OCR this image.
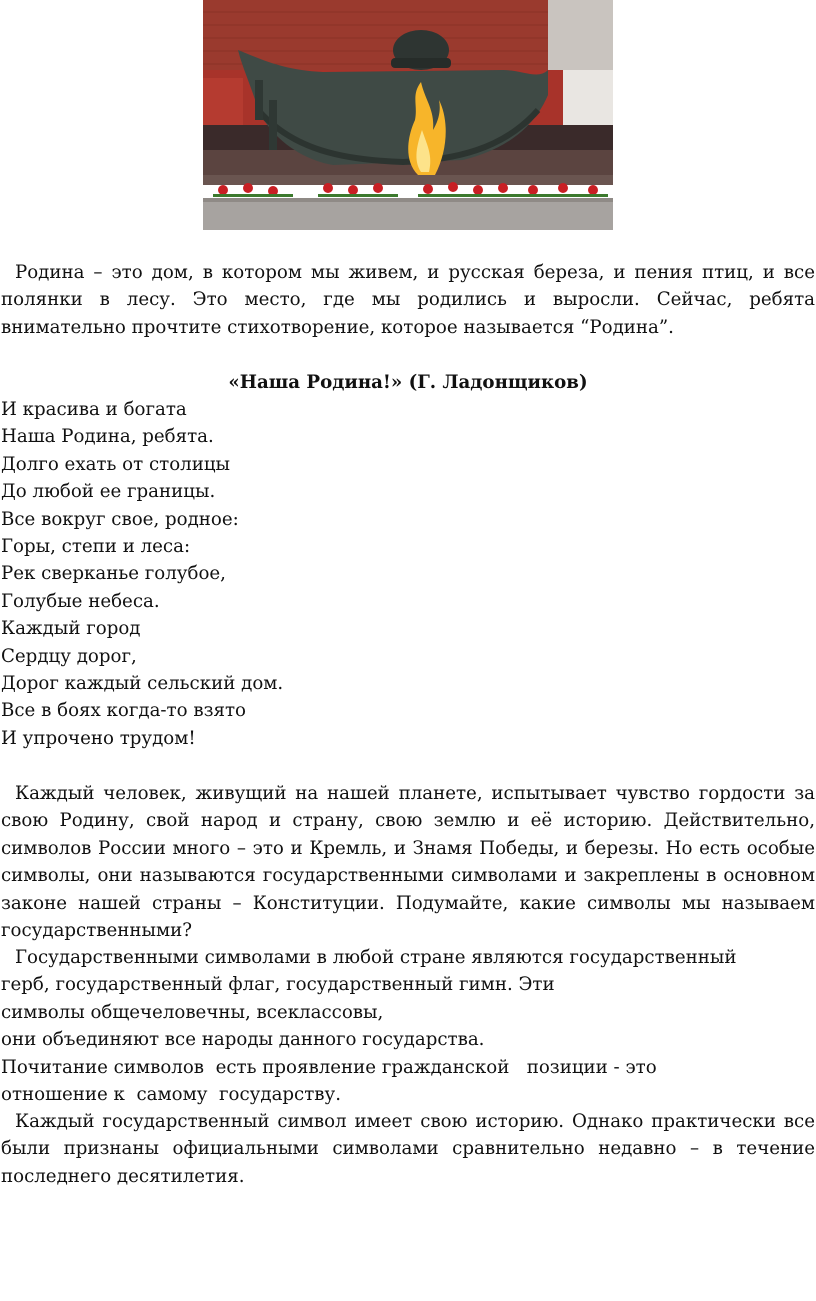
Родина – это дом, в котором мы живем, и русская береза, и пения птиц, и все полянки в лесу. Это место, где мы родились и выросли. Сейчас, ребята внимательно прочтите стихотворение, которое называется “Родина”.

«Наша Родина!» (Г. Ладонщиков)

И красива и богата
Наша Родина, ребята.
Долго ехать от столицы
До любой ее границы.
Все вокруг свое, родное:
Горы, степи и леса:
Рек сверканье голубое,
Голубые небеса.
Каждый город
Сердцу дорог,
Дорог каждый сельский дом.
Все в боях когда-то взято
И упрочено трудом!

Каждый человек, живущий на нашей планете, испытывает чувство гордости за свою Родину, свой народ и страну, свою землю и её историю. Действительно, символов России много – это и Кремль, и Знамя Победы, и березы. Но есть особые символы, они называются государственными символами и закреплены в основном законе нашей страны – Конституции. Подумайте, какие символы мы называем государственными?

Государственными символами в любой стране являются государственный
герб, государственный флаг, государственный гимн. Эти
символы общечеловечны, всеклассовы,
они объединяют все народы данного государства.
Почитание символов  есть проявление гражданской   позиции - это
отношение к  самому  государству.

Каждый государственный символ имеет свою историю. Однако практически все были признаны официальными символами сравнительно недавно – в течение последнего десятилетия.
